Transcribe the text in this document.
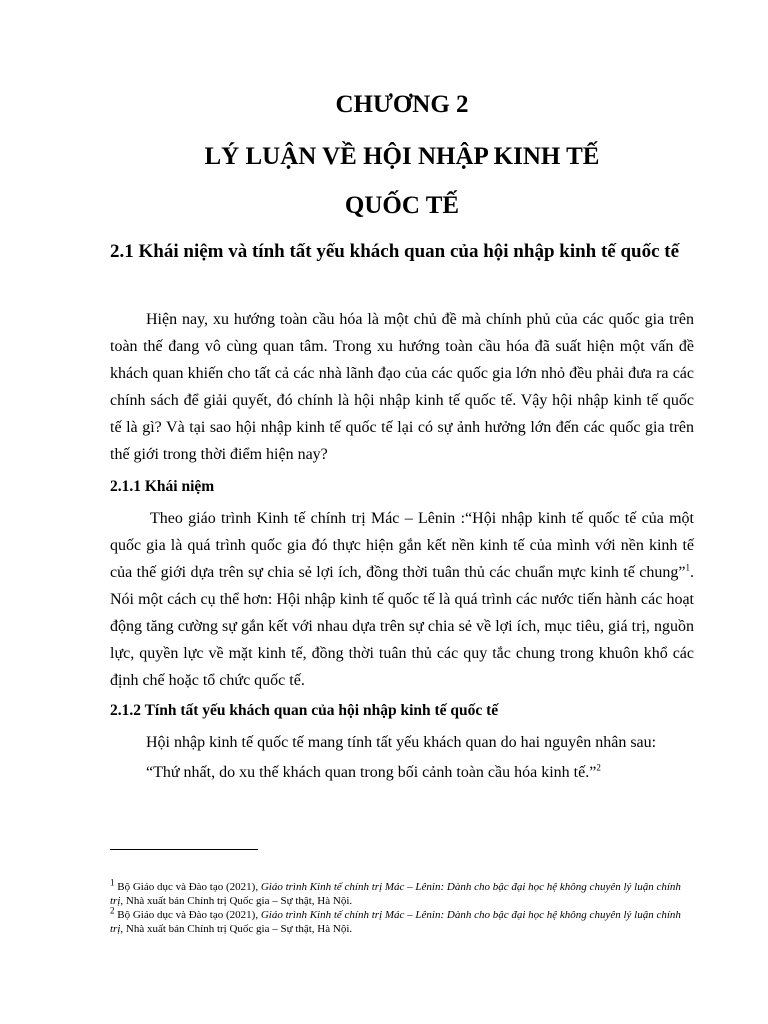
CHƯƠNG 2
LÝ LUẬN VỀ HỘI NHẬP KINH TẾ
QUỐC TẾ
2.1 Khái niệm và tính tất yếu khách quan của hội nhập kinh tế quốc tế

Hiện nay, xu hướng toàn cầu hóa là một chủ đề mà chính phủ của các quốc gia trên toàn thế đang vô cùng quan tâm. Trong xu hướng toàn cầu hóa đã suất hiện một vấn đề khách quan khiến cho tất cả các nhà lãnh đạo của các quốc gia lớn nhỏ đều phải đưa ra các chính sách để giải quyết, đó chính là hội nhập kinh tế quốc tế. Vậy hội nhập kinh tế quốc tế là gì? Và tại sao hội nhập kinh tế quốc tế lại có sự ảnh hưởng lớn đến các quốc gia trên thế giới trong thời điểm hiện nay?

2.1.1 Khái niệm

Theo giáo trình Kinh tế chính trị Mác – Lênin :“Hội nhập kinh tế quốc tế của một quốc gia là quá trình quốc gia đó thực hiện gắn kết nền kinh tế của mình với nền kinh tế của thế giới dựa trên sự chia sẻ lợi ích, đồng thời tuân thủ các chuẩn mực kinh tế chung”$^1$. Nói một cách cụ thể hơn: Hội nhập kinh tế quốc tế là quá trình các nước tiến hành các hoạt động tăng cường sự gắn kết với nhau dựa trên sự chia sẻ về lợi ích, mục tiêu, giá trị, nguồn lực, quyền lực về mặt kinh tế, đồng thời tuân thủ các quy tắc chung trong khuôn khổ các định chế hoặc tổ chức quốc tế.

2.1.2 Tính tất yếu khách quan của hội nhập kinh tế quốc tế

Hội nhập kinh tế quốc tế mang tính tất yếu khách quan do hai nguyên nhân sau:

“Thứ nhất, do xu thế khách quan trong bối cảnh toàn cầu hóa kinh tế.”$^2$

$^1$ Bộ Giáo dục và Đào tạo (2021), Giáo trình Kinh tế chính trị Mác – Lênin: Dành cho bậc đại học hệ không chuyên lý luận chính trị, Nhà xuất bản Chính trị Quốc gia – Sự thật, Hà Nội.

$^2$ Bộ Giáo dục và Đào tạo (2021), Giáo trình Kinh tế chính trị Mác – Lênin: Dành cho bậc đại học hệ không chuyên lý luận chính trị, Nhà xuất bản Chính trị Quốc gia – Sự thật, Hà Nội.
